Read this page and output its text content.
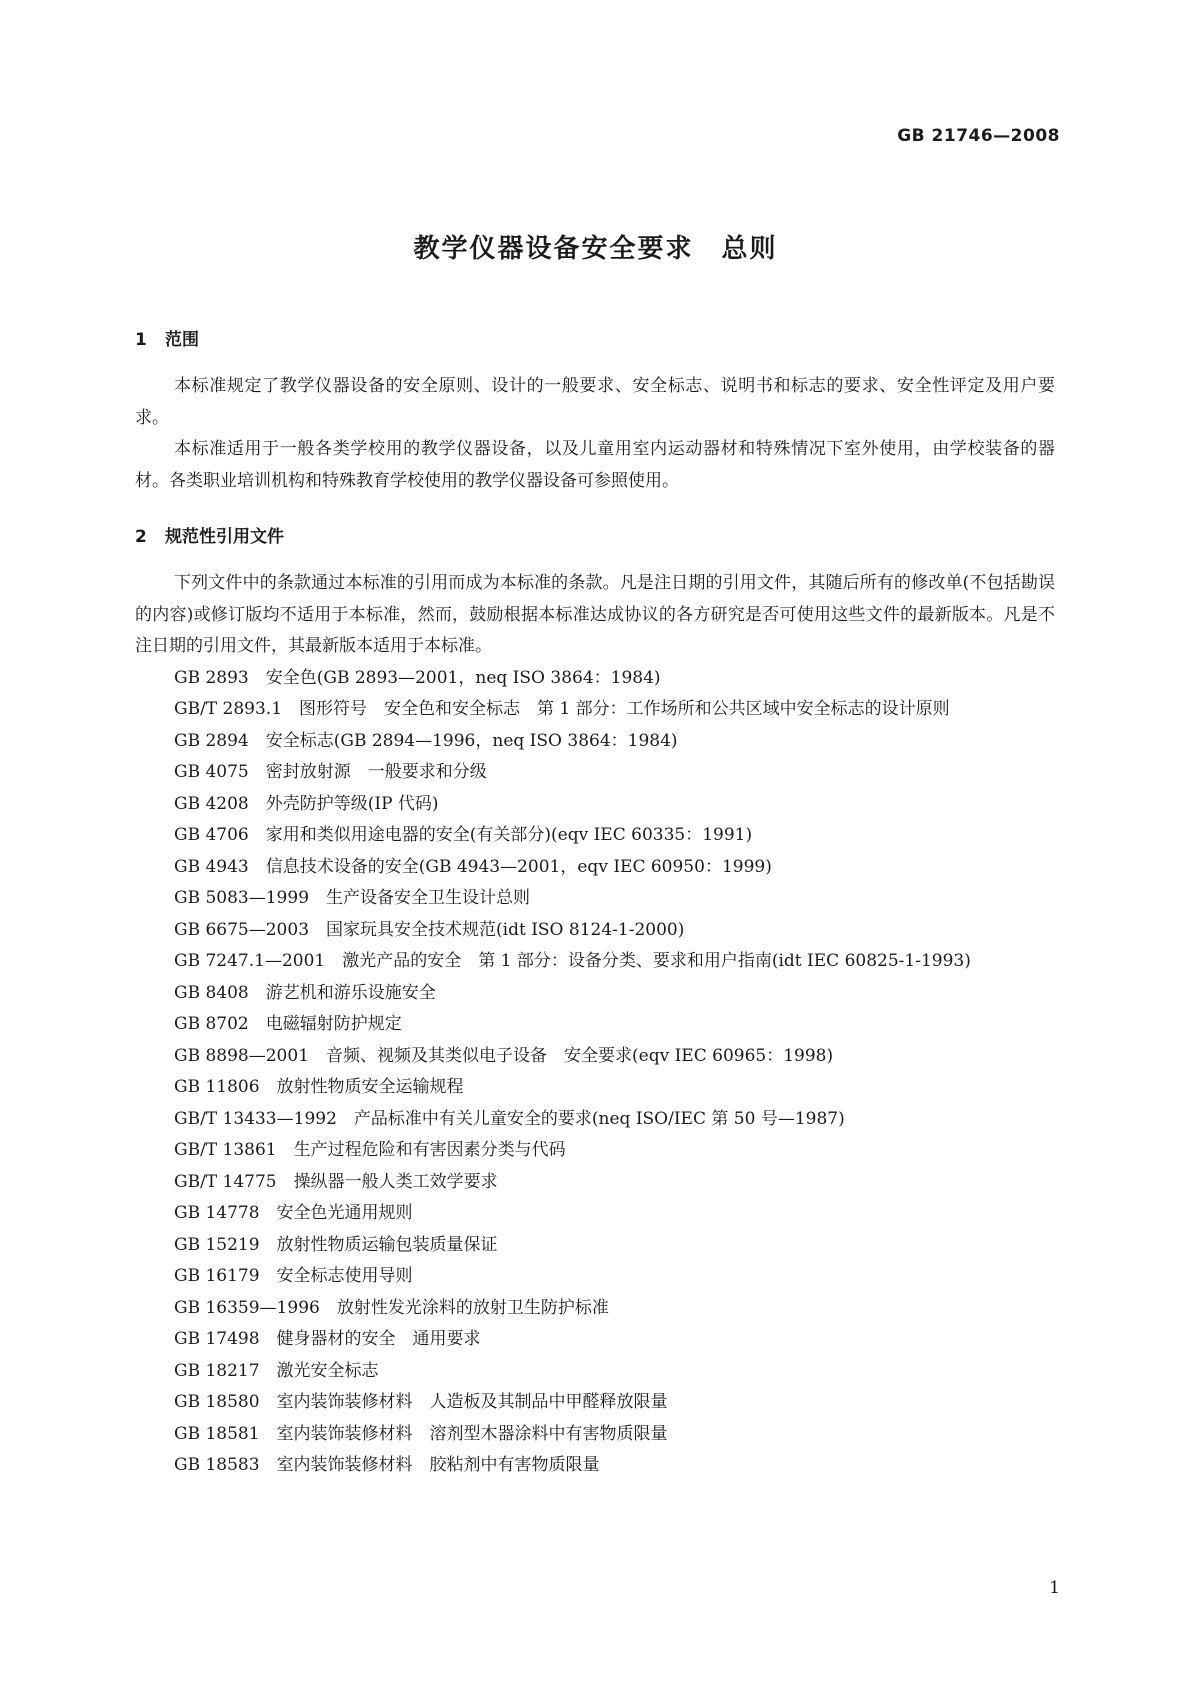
GB 21746—2008
教学仪器设备安全要求　总则
1 范围

本标准规定了教学仪器设备的安全原则、设计的一般要求、安全标志、说明书和标志的要求、安全性评定及用户要求。

本标准适用于一般各类学校用的教学仪器设备，以及儿童用室内运动器材和特殊情况下室外使用，由学校装备的器材。各类职业培训机构和特殊教育学校使用的教学仪器设备可参照使用。

2 规范性引用文件

下列文件中的条款通过本标准的引用而成为本标准的条款。凡是注日期的引用文件，其随后所有的修改单(不包括勘误的内容)或修订版均不适用于本标准，然而，鼓励根据本标准达成协议的各方研究是否可使用这些文件的最新版本。凡是不注日期的引用文件，其最新版本适用于本标准。

GB 2893　安全色(GB 2893—2001，neq ISO 3864：1984)

GB/T 2893.1　图形符号　安全色和安全标志　第 1 部分：工作场所和公共区域中安全标志的设计原则

GB 2894　安全标志(GB 2894—1996，neq ISO 3864：1984)

GB 4075　密封放射源　一般要求和分级

GB 4208　外壳防护等级(IP 代码)

GB 4706　家用和类似用途电器的安全(有关部分)(eqv IEC 60335：1991)

GB 4943　信息技术设备的安全(GB 4943—2001，eqv IEC 60950：1999)

GB 5083—1999　生产设备安全卫生设计总则

GB 6675—2003　国家玩具安全技术规范(idt ISO 8124-1-2000)

GB 7247.1—2001　激光产品的安全　第 1 部分：设备分类、要求和用户指南(idt IEC 60825-1-1993)

GB 8408　游艺机和游乐设施安全

GB 8702　电磁辐射防护规定

GB 8898—2001　音频、视频及其类似电子设备　安全要求(eqv IEC 60965：1998)

GB 11806　放射性物质安全运输规程

GB/T 13433—1992　产品标准中有关儿童安全的要求(neq ISO/IEC 第 50 号—1987)

GB/T 13861　生产过程危险和有害因素分类与代码

GB/T 14775　操纵器一般人类工效学要求

GB 14778　安全色光通用规则

GB 15219　放射性物质运输包装质量保证

GB 16179　安全标志使用导则

GB 16359—1996　放射性发光涂料的放射卫生防护标准

GB 17498　健身器材的安全　通用要求

GB 18217　激光安全标志

GB 18580　室内装饰装修材料　人造板及其制品中甲醛释放限量

GB 18581　室内装饰装修材料　溶剂型木器涂料中有害物质限量

GB 18583　室内装饰装修材料　胶粘剂中有害物质限量

1
